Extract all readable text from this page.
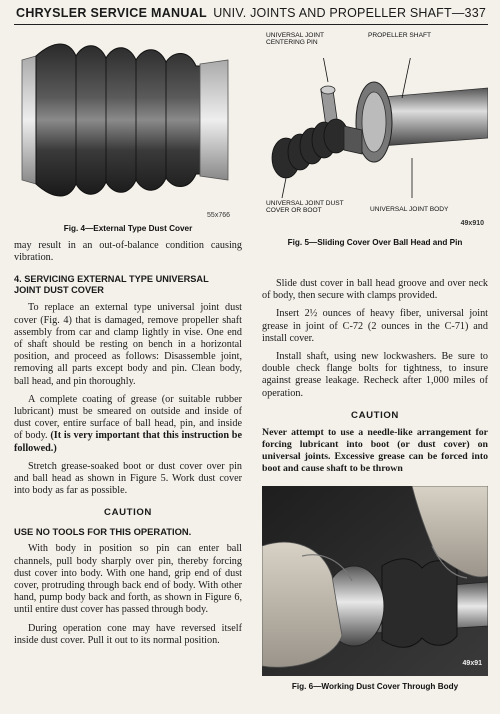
CHRYSLER SERVICE MANUAL UNIV. JOINTS AND PROPELLER SHAFT—337
55x766
Fig. 4—External Type Dust Cover

may result in an out-of-balance condition causing vibration.

4. SERVICING EXTERNAL TYPE UNIVERSAL JOINT DUST COVER

To replace an external type universal joint dust cover (Fig. 4) that is damaged, remove propeller shaft assembly from car and clamp lightly in vise. One end of shaft should be resting on bench in a horizontal position, and proceed as follows: Disassemble joint, removing all parts except body and pin. Clean body, ball head, and pin thoroughly.

A complete coating of grease (or suitable rubber lubricant) must be smeared on outside and inside of dust cover, entire surface of ball head, pin, and inside of body. (It is very important that this instruction be followed.)

Stretch grease-soaked boot or dust cover over pin and ball head as shown in Figure 5. Work dust cover into body as far as possible.

CAUTION
USE NO TOOLS FOR THIS OPERATION.

With body in position so pin can enter ball channels, pull body sharply over pin, thereby forcing dust cover into body. With one hand, grip end of dust cover, protruding through back end of body. With other hand, pump body back and forth, as shown in Figure 6, until entire dust cover has passed through body.

During operation cone may have reversed itself inside dust cover. Pull it out to its normal position.

UNIVERSAL JOINT CENTERING PIN
PROPELLER SHAFT
UNIVERSAL JOINT DUST COVER OR BOOT	UNIVERSAL JOINT BODY
49x910
Fig. 5—Sliding Cover Over Ball Head and Pin

Slide dust cover in ball head groove and over neck of body, then secure with clamps provided.

Insert 2½ ounces of heavy fiber, universal joint grease in joint of C-72 (2 ounces in the C-71) and install cover.

Install shaft, using new lockwashers. Be sure to double check flange bolts for tightness, to insure against grease leakage. Recheck after 1,000 miles of operation.

CAUTION

Never attempt to use a needle-like arrangement for forcing lubricant into boot (or dust cover) on universal joints. Excessive grease can be forced into boot and cause shaft to be thrown

49x91
Fig. 6—Working Dust Cover Through Body
